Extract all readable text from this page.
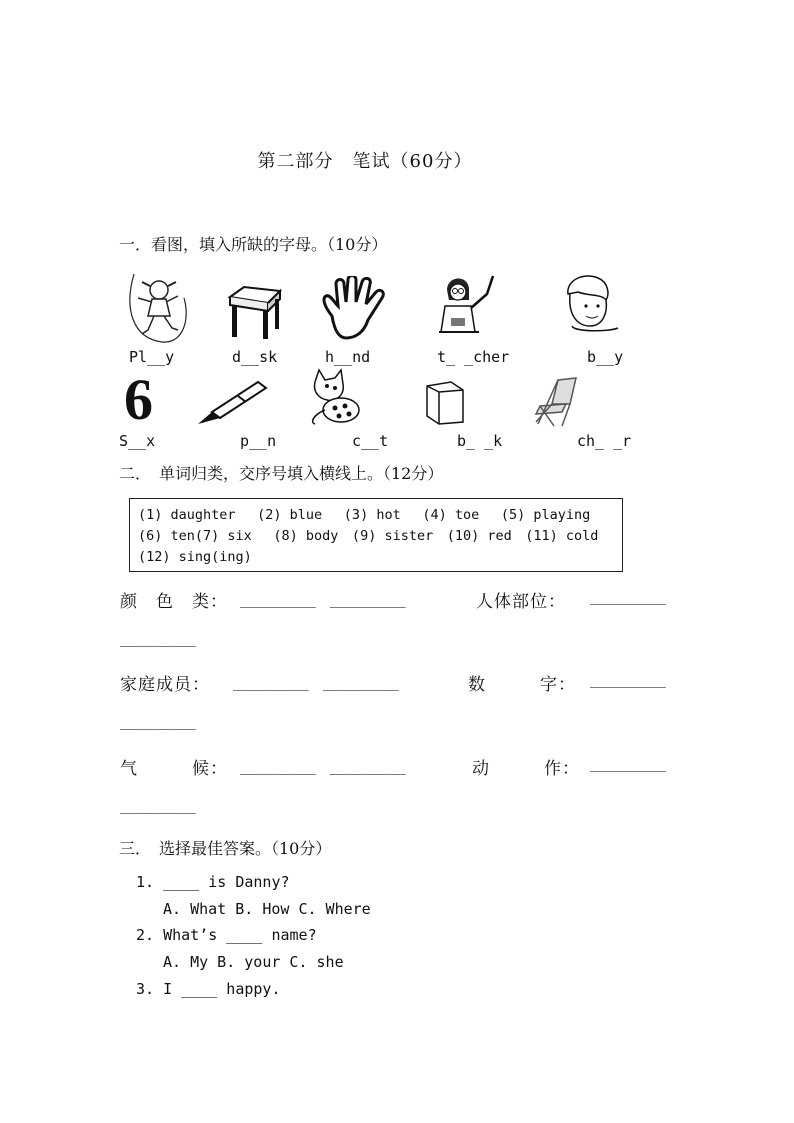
第二部分　笔试（60分）
一．看图，填入所缺的字母。（10分）
Pl__y	d__sk	h__nd	t_ _cher	b__y
6
S__x	p__n	c__t	b_ _k	ch_ _r
二．　单词归类，交序号填入横线上。（12分）
(1) daughter　 (2) blue　 (3) hot　 (4) toe　 (5) playing　(6) ten(7) six　 (8) body　(9) sister　(10) red　(11) cold　(12) sing(ing)
颜　色　类： _________　_________	人体部位： _________
_________
家庭成员： _________　_________	数　　　字： _________
_________
气　　　候： _________　_________	动　　　作： _________
_________
三．　选择最佳答案。（10分）
1. ____ is Danny?
A. What B. How C. Where
2. What’s ____ name?
A. My B. your C. she
3. I ____ happy.
